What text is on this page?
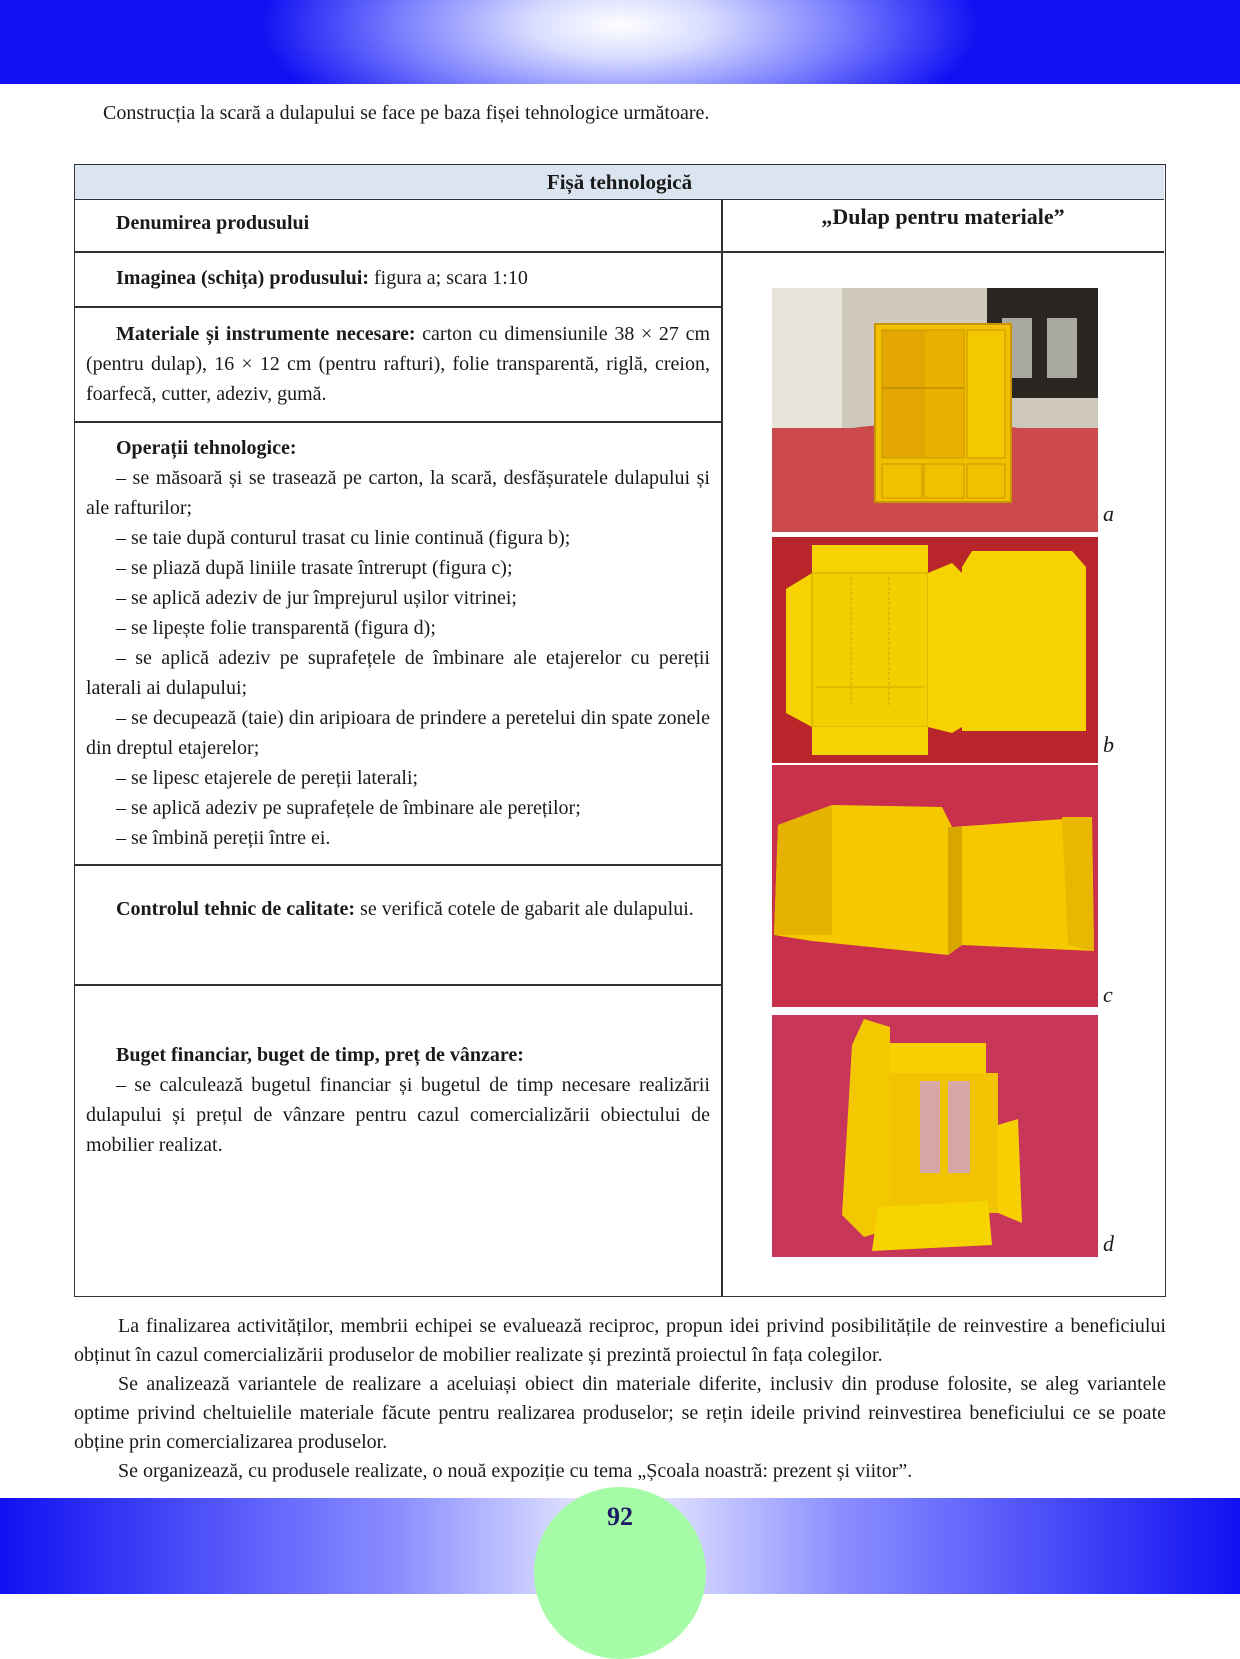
Construcția la scară a dulapului se face pe baza fișei tehnologice următoare.
Fișă tehnologică
Denumirea produsului	„Dulap pentru materiale”
Imaginea (schița) produsului: figura a; scara 1:10
Materiale și instrumente necesare: carton cu dimensiunile 38 × 27 cm (pentru dulap), 16 × 12 cm (pentru rafturi), folie transparentă, riglă, creion, foarfecă, cutter, adeziv, gumă.
Operații tehnologice:
– se măsoară și se trasează pe carton, la scară, desfășuratele dulapului și ale rafturilor;
– se taie după conturul trasat cu linie continuă (figura b);
– se pliază după liniile trasate întrerupt (figura c);
– se aplică adeziv de jur împrejurul ușilor vitrinei;
– se lipește folie transparentă (figura d);
– se aplică adeziv pe suprafețele de îmbinare ale etajerelor cu pereții laterali ai dulapului;
– se decupează (taie) din aripioara de prindere a peretelui din spate zonele din dreptul etajerelor;
– se lipesc etajerele de pereții laterali;
– se aplică adeziv pe suprafețele de îmbinare ale pereților;
– se îmbină pereții între ei.
Controlul tehnic de calitate: se verifică cotele de gabarit ale dulapului.
Buget financiar, buget de timp, preț de vânzare:
– se calculează bugetul financiar și bugetul de timp necesare realizării dulapului și prețul de vânzare pentru cazul comercializării obiectului de mobilier realizat.
a
b
c
d

La finalizarea activităților, membrii echipei se evaluează reciproc, propun idei privind posibilitățile de reinvestire a beneficiului obținut în cazul comercializării produselor de mobilier realizate și prezintă proiectul în fața colegilor.

Se analizează variantele de realizare a aceluiași obiect din materiale diferite, inclusiv din produse folosite, se aleg variantele optime privind cheltuielile materiale făcute pentru realizarea produselor; se rețin ideile privind reinvestirea beneficiului ce se poate obține prin comercializarea produselor.

Se organizează, cu produsele realizate, o nouă expoziție cu tema „Școala noastră: prezent și viitor”.

92
